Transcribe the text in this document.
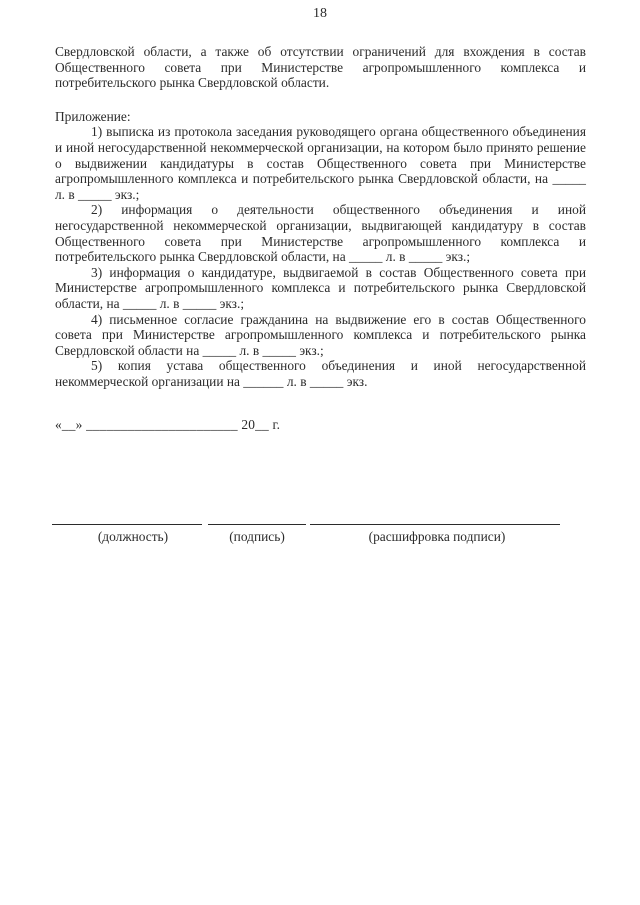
18

Свердловской области, а также об отсутствии ограничений для вхождения в состав Общественного совета при Министерстве агропромышленного комплекса и потребительского рынка Свердловской области.

Приложение:

1) выписка из протокола заседания руководящего органа общественного объединения и иной негосударственной некоммерческой организации, на котором было принято решение о выдвижении кандидатуры в состав Общественного совета при Министерстве агропромышленного комплекса и потребительского рынка Свердловской области, на _____ л. в _____ экз.;

2) информация о деятельности общественного объединения и иной негосударственной некоммерческой организации, выдвигающей кандидатуру в состав Общественного совета при Министерстве агропромышленного комплекса и потребительского рынка Свердловской области, на _____ л. в _____ экз.;

3) информация о кандидатуре, выдвигаемой в состав Общественного совета при Министерстве агропромышленного комплекса и потребительского рынка Свердловской области, на _____ л. в _____ экз.;

4) письменное согласие гражданина на выдвижение его в состав Общественного совета при Министерстве агропромышленного комплекса и потребительского рынка Свердловской области на _____ л. в _____ экз.;

5) копия устава общественного объединения и иной негосударственной некоммерческой организации на ______ л. в _____ экз.

«__» ______________________ 20__ г.

(должность)	(подпись)	(расшифровка подписи)
